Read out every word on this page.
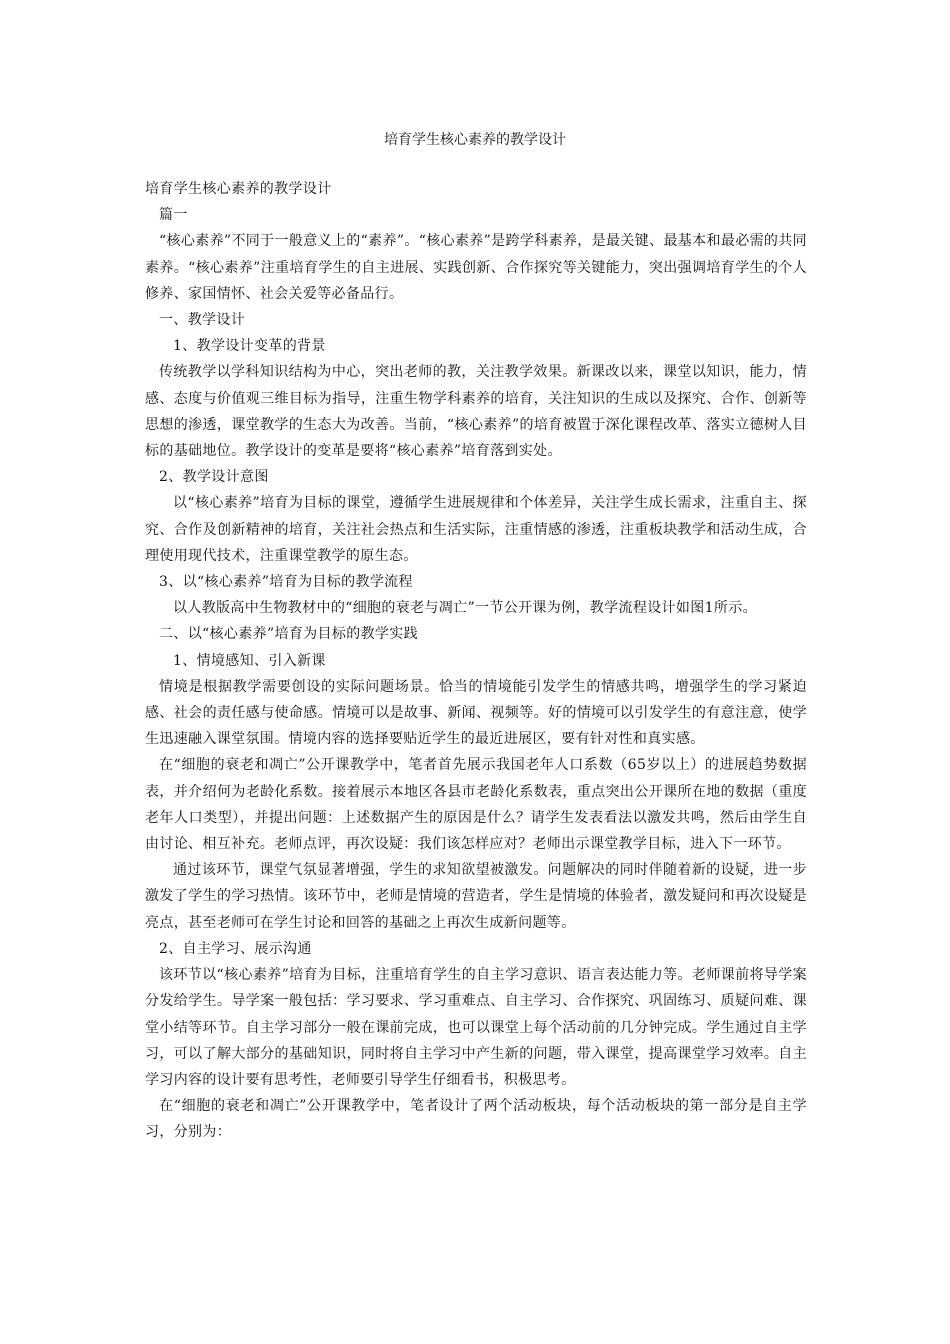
培育学生核心素养的教学设计

培育学生核心素养的教学设计

篇一

“核心素养”不同于一般意义上的“素养”。“核心素养”是跨学科素养，是最关键、最基本和最必需的共同素养。“核心素养”注重培育学生的自主进展、实践创新、合作探究等关键能力，突出强调培育学生的个人修养、家国情怀、社会关爱等必备品行。

一、教学设计

1、教学设计变革的背景

传统教学以学科知识结构为中心，突出老师的教，关注教学效果。新课改以来，课堂以知识，能力，情感、态度与价值观三维目标为指导，注重生物学科素养的培育，关注知识的生成以及探究、合作、创新等思想的渗透，课堂教学的生态大为改善。当前，“核心素养”的培育被置于深化课程改革、落实立德树人目标的基础地位。教学设计的变革是要将“核心素养”培育落到实处。

2、教学设计意图

以“核心素养”培育为目标的课堂，遵循学生进展规律和个体差异，关注学生成长需求，注重自主、探究、合作及创新精神的培育，关注社会热点和生活实际，注重情感的渗透，注重板块教学和活动生成，合理使用现代技术，注重课堂教学的原生态。

3、以“核心素养”培育为目标的教学流程

以人教版高中生物教材中的“细胞的衰老与凋亡”一节公开课为例，教学流程设计如图1所示。

二、以“核心素养”培育为目标的教学实践

1、情境感知、引入新课

情境是根据教学需要创设的实际问题场景。恰当的情境能引发学生的情感共鸣，增强学生的学习紧迫感、社会的责任感与使命感。情境可以是故事、新闻、视频等。好的情境可以引发学生的有意注意，使学生迅速融入课堂氛围。情境内容的选择要贴近学生的最近进展区，要有针对性和真实感。

在“细胞的衰老和凋亡”公开课教学中，笔者首先展示我国老年人口系数（65岁以上）的进展趋势数据表，并介绍何为老龄化系数。接着展示本地区各县市老龄化系数表，重点突出公开课所在地的数据（重度老年人口类型），并提出问题：上述数据产生的原因是什么？请学生发表看法以激发共鸣，然后由学生自由讨论、相互补充。老师点评，再次设疑：我们该怎样应对？老师出示课堂教学目标，进入下一环节。

通过该环节，课堂气氛显著增强，学生的求知欲望被激发。问题解决的同时伴随着新的设疑，进一步激发了学生的学习热情。该环节中，老师是情境的营造者，学生是情境的体验者，激发疑问和再次设疑是亮点，甚至老师可在学生讨论和回答的基础之上再次生成新问题等。

2、自主学习、展示沟通

该环节以“核心素养”培育为目标，注重培育学生的自主学习意识、语言表达能力等。老师课前将导学案分发给学生。导学案一般包括：学习要求、学习重难点、自主学习、合作探究、巩固练习、质疑问难、课堂小结等环节。自主学习部分一般在课前完成，也可以课堂上每个活动前的几分钟完成。学生通过自主学习，可以了解大部分的基础知识，同时将自主学习中产生新的问题，带入课堂，提高课堂学习效率。自主学习内容的设计要有思考性，老师要引导学生仔细看书，积极思考。

在“细胞的衰老和凋亡”公开课教学中，笔者设计了两个活动板块，每个活动板块的第一部分是自主学习，分别为：
